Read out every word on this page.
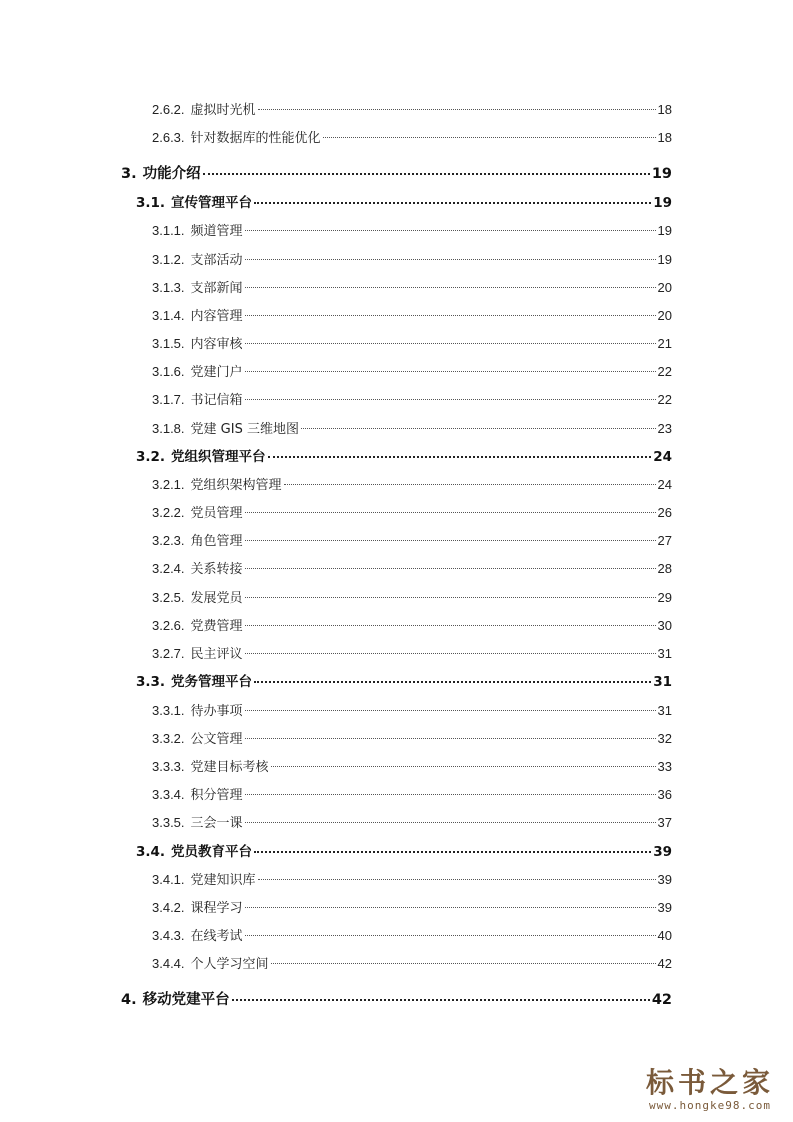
2.6.2. 虚拟时光机	18
2.6.3. 针对数据库的性能优化	18
3. 功能介绍	19
3.1. 宣传管理平台	19
3.1.1. 频道管理	19
3.1.2. 支部活动	19
3.1.3. 支部新闻	20
3.1.4. 内容管理	20
3.1.5. 内容审核	21
3.1.6. 党建门户	22
3.1.7. 书记信箱	22
3.1.8. 党建 GIS 三维地图	23
3.2. 党组织管理平台	24
3.2.1. 党组织架构管理	24
3.2.2. 党员管理	26
3.2.3. 角色管理	27
3.2.4. 关系转接	28
3.2.5. 发展党员	29
3.2.6. 党费管理	30
3.2.7. 民主评议	31
3.3. 党务管理平台	31
3.3.1. 待办事项	31
3.3.2. 公文管理	32
3.3.3. 党建目标考核	33
3.3.4. 积分管理	36
3.3.5. 三会一课	37
3.4. 党员教育平台	39
3.4.1. 党建知识库	39
3.4.2. 课程学习	39
3.4.3. 在线考试	40
3.4.4. 个人学习空间	42
4. 移动党建平台	42
标书之家
www.hongke98.com
